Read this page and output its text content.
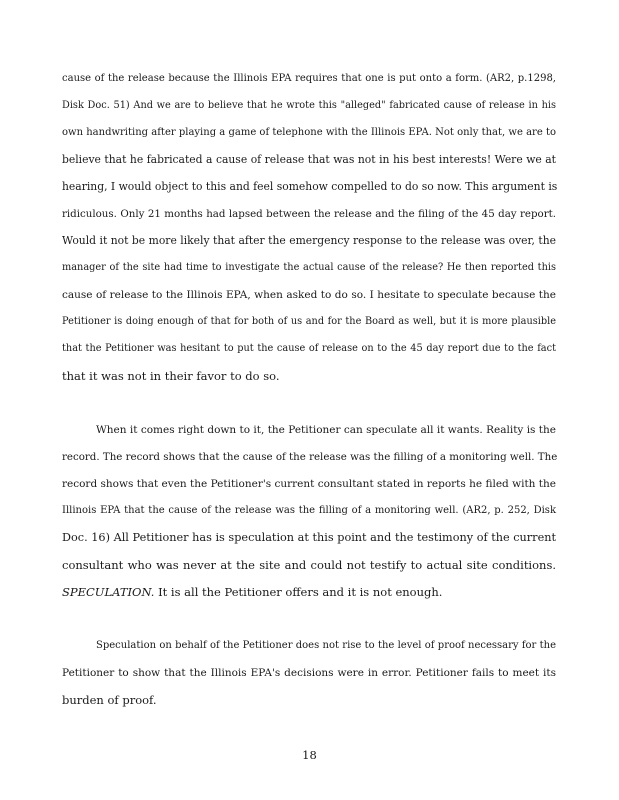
cause of the release because the Illinois EPA requires that one is put onto a form. (AR2, p.1298,

Disk Doc. 51) And we are to believe that he wrote this "alleged" fabricated cause of release in his

own handwriting after playing a game of telephone with the Illinois EPA. Not only that, we are to

believe that he fabricated a cause of release that was not in his best interests! Were we at

hearing, I would object to this and feel somehow compelled to do so now. This argument is

ridiculous. Only 21 months had lapsed between the release and the filing of the 45 day report.

Would it not be more likely that after the emergency response to the release was over, the

manager of the site had time to investigate the actual cause of the release? He then reported this

cause of release to the Illinois EPA, when asked to do so. I hesitate to speculate because the

Petitioner is doing enough of that for both of us and for the Board as well, but it is more plausible

that the Petitioner was hesitant to put the cause of release on to the 45 day report due to the fact

that it was not in their favor to do so.

When it comes right down to it, the Petitioner can speculate all it wants. Reality is the

record. The record shows that the cause of the release was the filling of a monitoring well. The

record shows that even the Petitioner's current consultant stated in reports he filed with the

Illinois EPA that the cause of the release was the filling of a monitoring well. (AR2, p. 252, Disk

Doc. 16) All Petitioner has is speculation at this point and the testimony of the current

consultant who was never at the site and could not testify to actual site conditions.

SPECULATION. It is all the Petitioner offers and it is not enough.

Speculation on behalf of the Petitioner does not rise to the level of proof necessary for the

Petitioner to show that the Illinois EPA's decisions were in error. Petitioner fails to meet its

burden of proof.

18
